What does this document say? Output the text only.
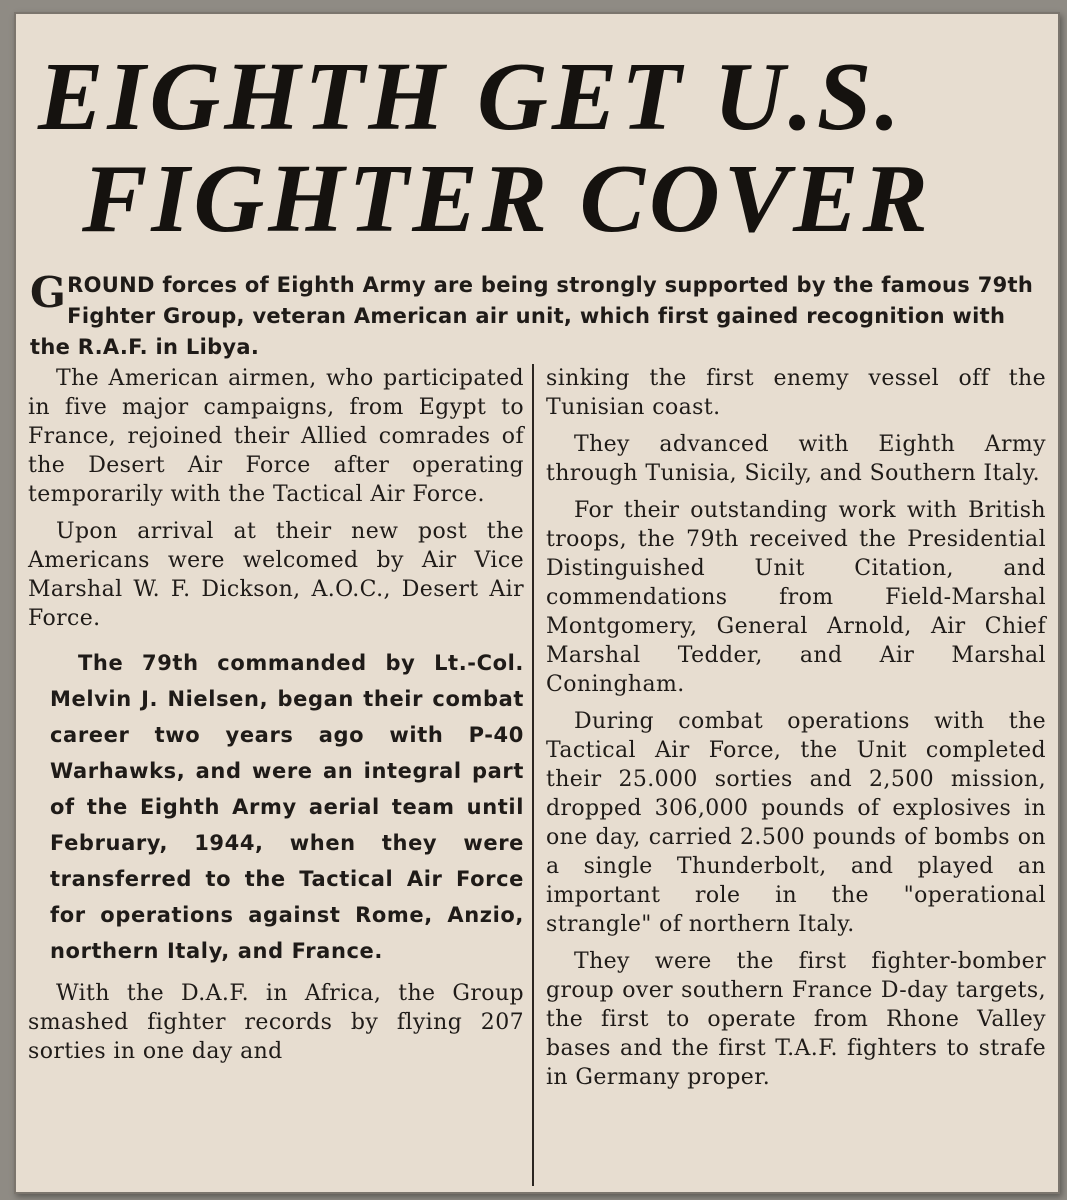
EIGHTH GET U.S.
FIGHTER COVER

GROUND forces of Eighth Army are being strongly supported by the famous 79th Fighter Group, veteran American air unit, which first gained recognition with the R.A.F. in Libya.

The American airmen, who participated in five major campaigns, from Egypt to France, rejoined their Allied comrades of the Desert Air Force after operating temporarily with the Tactical Air Force.

Upon arrival at their new post the Americans were welcomed by Air Vice Marshal W. F. Dickson, A.O.C., Desert Air Force.

The 79th commanded by Lt.-Col. Melvin J. Nielsen, began their combat career two years ago with P-40 Warhawks, and were an integral part of the Eighth Army aerial team until February, 1944, when they were transferred to the Tactical Air Force for operations against Rome, Anzio, northern Italy, and France.

With the D.A.F. in Africa, the Group smashed fighter records by flying 207 sorties in one day and

sinking the first enemy vessel off the Tunisian coast.

They advanced with Eighth Army through Tunisia, Sicily, and Southern Italy.

For their outstanding work with British troops, the 79th received the Presidential Distinguished Unit Citation, and commendations from Field-Marshal Montgomery, General Arnold, Air Chief Marshal Tedder, and Air Marshal Coningham.

During combat operations with the Tactical Air Force, the Unit completed their 25.000 sorties and 2,500 mission, dropped 306,000 pounds of explosives in one day, carried 2.500 pounds of bombs on a single Thunderbolt, and played an important role in the "operational strangle" of northern Italy.

They were the first fighter-bomber group over southern France D-day targets, the first to operate from Rhone Valley bases and the first T.A.F. fighters to strafe in Germany proper.
